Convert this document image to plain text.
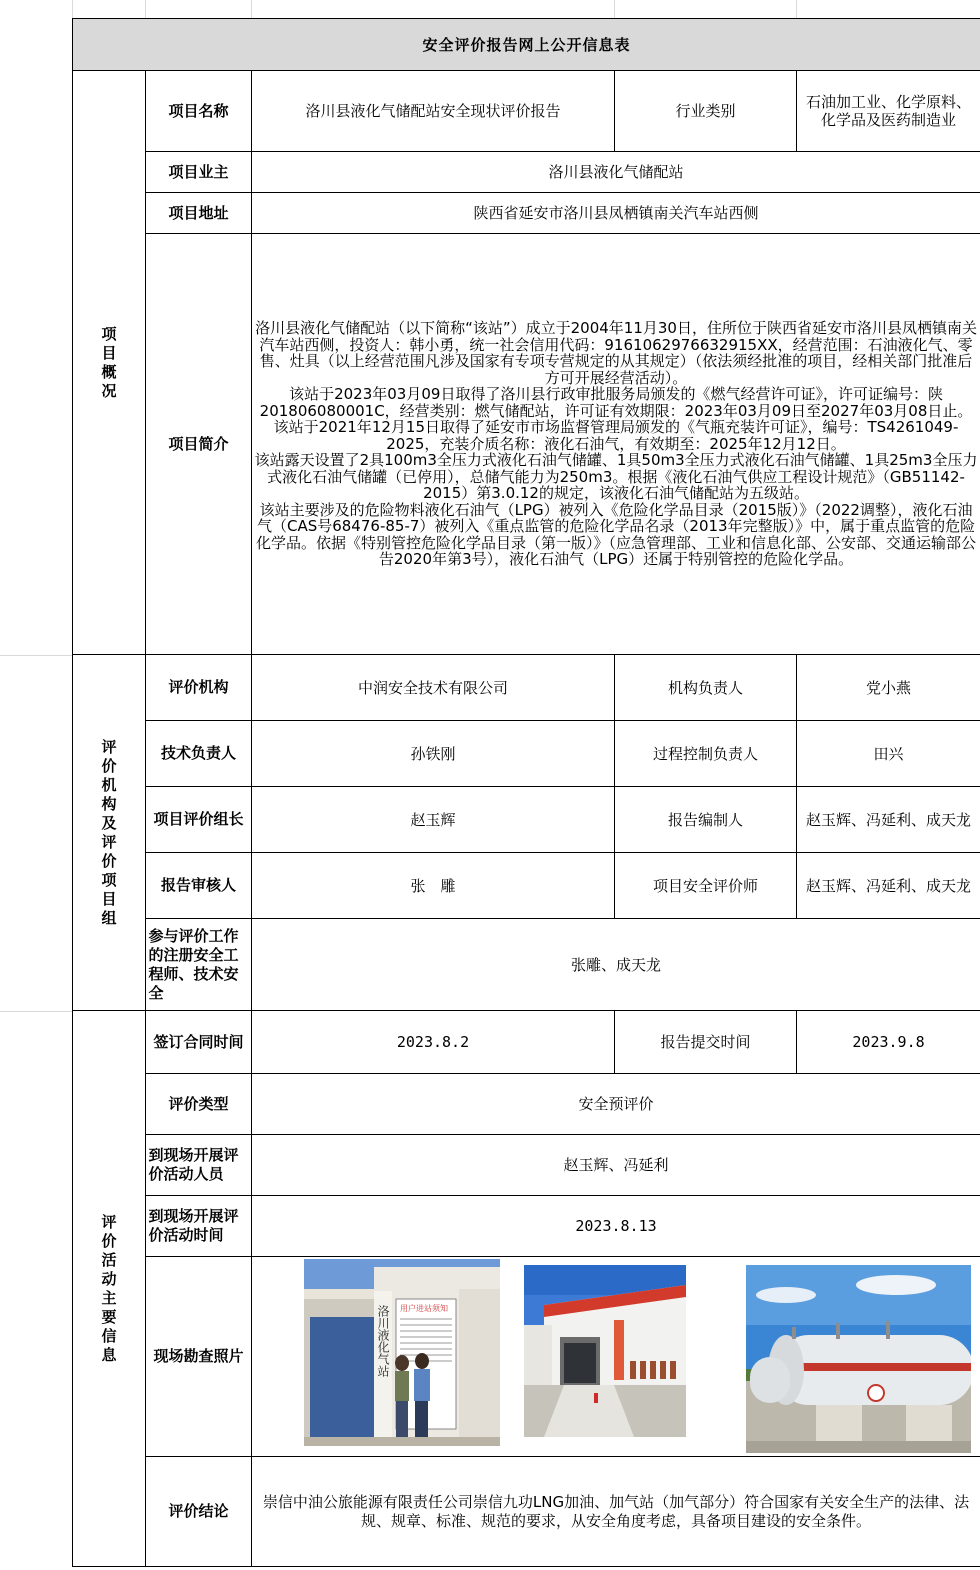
安全评价报告网上公开信息表				
项目概况	项目名称	洛川县液化气储配站安全现状评价报告	行业类别	石油加工业、化学原料、化学品及医药制造业
	项目业主	洛川县液化气储配站		
	项目地址	陕西省延安市洛川县凤栖镇南关汽车站西侧		
	项目简介	洛川县液化气储配站（以下简称“该站”）成立于2004年11月30日，住所位于陕西省延安市洛川县凤栖镇南关汽车站西侧，投资人：韩小勇，统一社会信用代码：916106297663​2915XX，经营范围：石油液化气、零售、灶具（以上经营范围凡涉及国家有专项专营规定的从其规定）（依法须经批准的项目，经相关部门批准后方可开展经营活动）。

该站于2023年03月09日取得了洛川县行政审批服务局颁发的《燃气经营许可证》，许可证编号：陕201806080001C，经营类别：燃气储配站，许可证有效期限：2023年03月09日至2027年03月08日止。该站于2021年12月15日取得了延安市市场监督管理局颁发的《气瓶充装许可证》，编号：TS4261049-2025，充装介质名称：液化石油气，有效期至：2025年12月12日。

该站露天设置了2具100m3全压力式液化石油气储罐、1具50m3全压力式液化石油气储罐、1具25m3全压力式液化石油气储罐（已停用），总储气能力为250m3。根据《液化石油气供应工程设计规范》（GB51142-2015）第3.0.12的规定，该液化石油气储配站为五级站。

该站主要涉及的危险物料液化石油气（LPG）被列入《危险化学品目录（2015版）》（2022调整），液化石油气（CAS号68476-85-7）被列入《重点监管的危险化学品名录（2013年完整版）》中，属于重点监管的危险化学品。依据《特别管控危险化学品目录（第一版）》（应急管理部、工业和信息化部、公安部、交通运输部公告2020年第3号），液化石油气（LPG）还属于特别管控的危险化学品。		

评价机构及评价项目组	评价机构	中润安全技术有限公司	机构负责人	党小燕
	技术负责人	孙铁刚	过程控制负责人	田兴
	项目评价组长	赵玉辉	报告编制人	赵玉辉、冯延利、成天龙
	报告审核人	张　雕	项目安全评价师	赵玉辉、冯延利、成天龙
	参与评价工作的注册安全工程师、技术安全	张雕、成天龙		
评价活动主要信息	签订合同时间	2023.8.2	报告提交时间	2023.9.8
	评价类型	安全预评价		
	到现场开展评价活动人员	赵玉辉、冯延利		
	到现场开展评价活动时间	2023.8.13		
	现场勘查照片	洛川液化气站 用户进站须知		

	评价结论	崇信中油公旅能源有限责任公司崇信九功LNG加油、加气站（加气部分）符合国家有关安全生产的法律、法规、规章、标准、规范的要求，从安全角度考虑，具备项目建设的安全条件。		
